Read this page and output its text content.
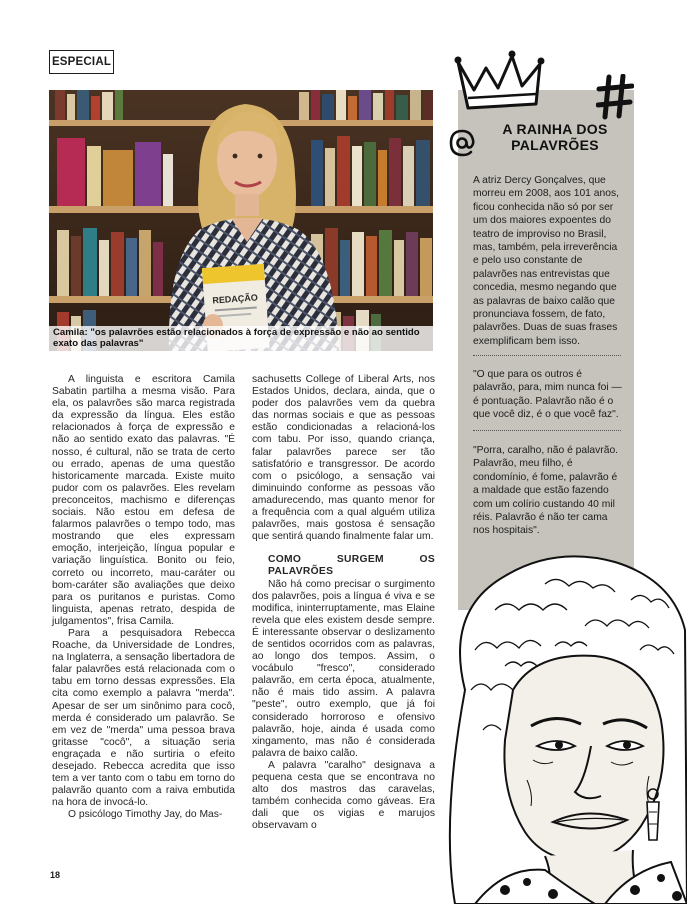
ESPECIAL
REDAÇÃO
Camila: "os palavrões estão relacionados à força de expressão e não ao sentido exato das palavras"

A linguista e escritora Camila Sabatin partilha a mesma visão. Para ela, os palavrões são marca registrada da expressão da língua. Eles estão relacionados à força de expressão e não ao sentido exato das palavras. "É nosso, é cultural, não se trata de certo ou errado, apenas de uma questão historicamente marcada. Existe muito pudor com os palavrões. Eles revelam preconceitos, machismo e diferenças sociais. Não estou em defesa de falarmos palavrões o tempo todo, mas mostrando que eles expressam emoção, interjeição, língua popular e variação linguística. Bonito ou feio, correto ou incorreto, mau-caráter ou bom-caráter são avaliações que deixo para os puritanos e puristas. Como linguista, apenas retrato, despida de julgamentos", frisa Camila.

Para a pesquisadora Rebecca Roache, da Universidade de Londres, na Inglaterra, a sensação libertadora de falar palavrões está relacionada com o tabu em torno dessas expressões. Ela cita como exemplo a palavra "merda". Apesar de ser um sinônimo para cocô, merda é considerado um palavrão. Se em vez de "merda" uma pessoa brava gritasse "cocô", a situação seria engraçada e não surtiria o efeito desejado. Rebecca acredita que isso tem a ver tanto com o tabu em torno do palavrão quanto com a raiva embutida na hora de invocá-lo.

O psicólogo Timothy Jay, do Mas-

sachusetts College of Liberal Arts, nos Estados Unidos, declara, ainda, que o poder dos palavrões vem da quebra das normas sociais e que as pessoas estão condicionadas a relacioná-los com tabu. Por isso, quando criança, falar palavrões parece ser tão satisfatório e transgressor. De acordo com o psicólogo, a sensação vai diminuindo conforme as pessoas vão amadurecendo, mas quanto menor for a frequência com a qual alguém utiliza palavrões, mais gostosa é sensação que sentirá quando finalmente falar um.

COMO SURGEM OS PALAVRÕES

Não há como precisar o surgimento dos palavrões, pois a língua é viva e se modifica, ininterruptamente, mas Elaine revela que eles existem desde sempre. É interessante observar o deslizamento de sentidos ocorridos com as palavras, ao longo dos tempos. Assim, o vocábulo "fresco", considerado palavrão, em certa época, atualmente, não é mais tido assim. A palavra "peste", outro exemplo, que já foi considerado horroroso e ofensivo palavrão, hoje, ainda é usada como xingamento, mas não é considerada palavra de baixo calão.

A palavra "caralho" designava a pequena cesta que se encontrava no alto dos mastros das caravelas, também conhecida como gáveas. Era dali que os vigias e marujos observavam o

18
A RAINHA DOS PALAVRÕES
A atriz Dercy Gonçalves, que morreu em 2008, aos 101 anos, ficou conhecida não só por ser um dos maiores expoentes do teatro de improviso no Brasil, mas, também, pela irreverência e pelo uso constante de palavrões nas entrevistas que concedia, mesmo negando que as palavras de baixo calão que pronunciava fossem, de fato, palavrões. Duas de suas frases exemplificam bem isso.
"O que para os outros é palavrão, para, mim nunca foi — é pontuação. Palavrão não é o que você diz, é o que você faz".
"Porra, caralho, não é palavrão. Palavrão, meu filho, é condomínio, é fome, palavrão é a maldade que estão fazendo com um colírio custando 40 mil réis. Palavrão é não ter cama nos hospitais".
